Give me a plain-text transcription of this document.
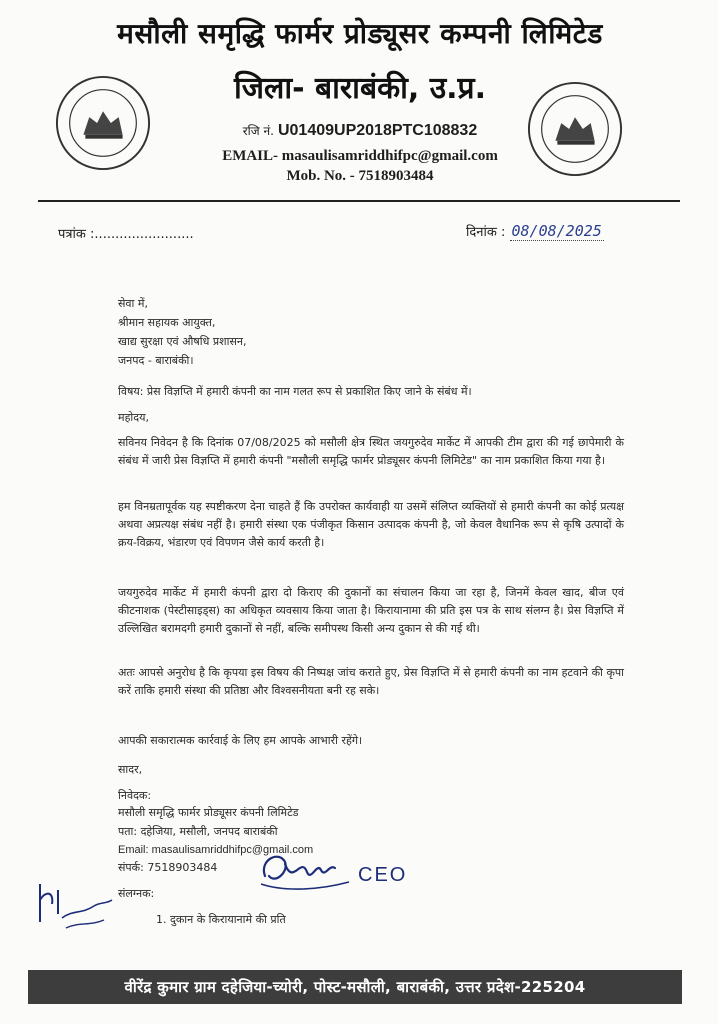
मसौली समृद्धि फार्मर प्रोड्यूसर कम्पनी लिमिटेड
जिला- बाराबंकी, उ.प्र.
रजि नं. U01409UP2018PTC108832
EMAIL- masaulisamriddhifpc@gmail.com
Mob. No. - 7518903484
पत्रांक :........................	दिनांक : 08/08/2025
सेवा में,
श्रीमान सहायक आयुक्त,
खाद्य सुरक्षा एवं औषधि प्रशासन,
जनपद - बाराबंकी।
विषय: प्रेस विज्ञप्ति में हमारी कंपनी का नाम गलत रूप से प्रकाशित किए जाने के संबंध में।
महोदय,
सविनय निवेदन है कि दिनांक 07/08/2025 को मसौली क्षेत्र स्थित जयगुरुदेव मार्केट में आपकी टीम द्वारा की गई छापेमारी के संबंध में जारी प्रेस विज्ञप्ति में हमारी कंपनी "मसौली समृद्धि फार्मर प्रोड्यूसर कंपनी लिमिटेड" का नाम प्रकाशित किया गया है।
हम विनम्रतापूर्वक यह स्पष्टीकरण देना चाहते हैं कि उपरोक्त कार्यवाही या उसमें संलिप्त व्यक्तियों से हमारी कंपनी का कोई प्रत्यक्ष अथवा अप्रत्यक्ष संबंध नहीं है। हमारी संस्था एक पंजीकृत किसान उत्पादक कंपनी है, जो केवल वैधानिक रूप से कृषि उत्पादों के क्रय-विक्रय, भंडारण एवं विपणन जैसे कार्य करती है।
जयगुरुदेव मार्केट में हमारी कंपनी द्वारा दो किराए की दुकानों का संचालन किया जा रहा है, जिनमें केवल खाद, बीज एवं कीटनाशक (पेस्टीसाइड्स) का अधिकृत व्यवसाय किया जाता है। किरायानामा की प्रति इस पत्र के साथ संलग्न है। प्रेस विज्ञप्ति में उल्लिखित बरामदगी हमारी दुकानों से नहीं, बल्कि समीपस्थ किसी अन्य दुकान से की गई थी।
अतः आपसे अनुरोध है कि कृपया इस विषय की निष्पक्ष जांच कराते हुए, प्रेस विज्ञप्ति में से हमारी कंपनी का नाम हटवाने की कृपा करें ताकि हमारी संस्था की प्रतिष्ठा और विश्वसनीयता बनी रह सके।
आपकी सकारात्मक कार्रवाई के लिए हम आपके आभारी रहेंगे।
सादर,
निवेदक:
मसौली समृद्धि फार्मर प्रोड्यूसर कंपनी लिमिटेड
पता: दहेजिया, मसौली, जनपद बाराबंकी
Email: masaulisamriddhifpc@gmail.com
संपर्क: 7518903484	CEO
संलग्नक:
1. दुकान के किरायानामे की प्रति
वीरेंद्र कुमार ग्राम दहेजिया-च्योरी, पोस्ट-मसौली, बाराबंकी, उत्तर प्रदेश-225204
